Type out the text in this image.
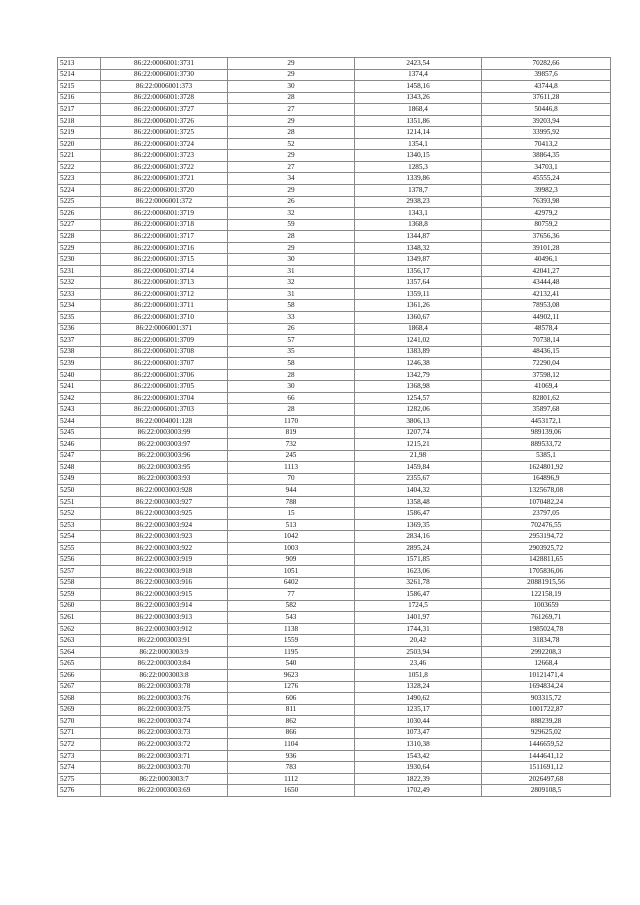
5213	86:22:0006001:3731	29	2423,54	70282,66
5214	86:22:0006001:3730	29	1374,4	39857,6
5215	86:22:0006001:373	30	1458,16	43744,8
5216	86:22:0006001:3728	28	1343,26	37611,28
5217	86:22:0006001:3727	27	1868,4	50446,8
5218	86:22:0006001:3726	29	1351,86	39203,94
5219	86:22:0006001:3725	28	1214,14	33995,92
5220	86:22:0006001:3724	52	1354,1	70413,2
5221	86:22:0006001:3723	29	1340,15	38864,35
5222	86:22:0006001:3722	27	1285,3	34703,1
5223	86:22:0006001:3721	34	1339,86	45555,24
5224	86:22:0006001:3720	29	1378,7	39982,3
5225	86:22:0006001:372	26	2938,23	76393,98
5226	86:22:0006001:3719	32	1343,1	42979,2
5227	86:22:0006001:3718	59	1368,8	80759,2
5228	86:22:0006001:3717	28	1344,87	37656,36
5229	86:22:0006001:3716	29	1348,32	39101,28
5230	86:22:0006001:3715	30	1349,87	40496,1
5231	86:22:0006001:3714	31	1356,17	42041,27
5232	86:22:0006001:3713	32	1357,64	43444,48
5233	86:22:0006001:3712	31	1359,11	42132,41
5234	86:22:0006001:3711	58	1361,26	78953,08
5235	86:22:0006001:3710	33	1360,67	44902,11
5236	86:22:0006001:371	26	1868,4	48578,4
5237	86:22:0006001:3709	57	1241,02	70738,14
5238	86:22:0006001:3708	35	1383,89	48436,15
5239	86:22:0006001:3707	58	1246,38	72290,04
5240	86:22:0006001:3706	28	1342,79	37598,12
5241	86:22:0006001:3705	30	1368,98	41069,4
5242	86:22:0006001:3704	66	1254,57	82801,62
5243	86:22:0006001:3703	28	1282,06	35897,68
5244	86:22:0004001:128	1170	3806,13	4453172,1
5245	86:22:0003003:99	819	1207,74	989139,06
5246	86:22:0003003:97	732	1215,21	889533,72
5247	86:22:0003003:96	245	21,98	5385,1
5248	86:22:0003003:95	1113	1459,84	1624801,92
5249	86:22:0003003:93	70	2355,67	164896,9
5250	86:22:0003003:928	944	1404,32	1325678,08
5251	86:22:0003003:927	788	1358,48	1070482,24
5252	86:22:0003003:925	15	1586,47	23797,05
5253	86:22:0003003:924	513	1369,35	702476,55
5254	86:22:0003003:923	1042	2834,16	2953194,72
5255	86:22:0003003:922	1003	2895,24	2903925,72
5256	86:22:0003003:919	909	1571,85	1428811,65
5257	86:22:0003003:918	1051	1623,06	1705836,06
5258	86:22:0003003:916	6402	3261,78	20881915,56
5259	86:22:0003003:915	77	1586,47	122158,19
5260	86:22:0003003:914	582	1724,5	1003659
5261	86:22:0003003:913	543	1401,97	761269,71
5262	86:22:0003003:912	1138	1744,31	1985024,78
5263	86:22:0003003:91	1559	20,42	31834,78
5264	86:22:0003003:9	1195	2503,94	2992208,3
5265	86:22:0003003:84	540	23,46	12668,4
5266	86:22:0003003:8	9623	1051,8	10121471,4
5267	86:22:0003003:78	1276	1328,24	1694834,24
5268	86:22:0003003:76	606	1490,62	903315,72
5269	86:22:0003003:75	811	1235,17	1001722,87
5270	86:22:0003003:74	862	1030,44	888239,28
5271	86:22:0003003:73	866	1073,47	929625,02
5272	86:22:0003003:72	1104	1310,38	1446659,52
5273	86:22:0003003:71	936	1543,42	1444641,12
5274	86:22:0003003:70	783	1930,64	1511691,12
5275	86:22:0003003:7	1112	1822,39	2026497,68
5276	86:22:0003003:69	1650	1702,49	2809108,5
